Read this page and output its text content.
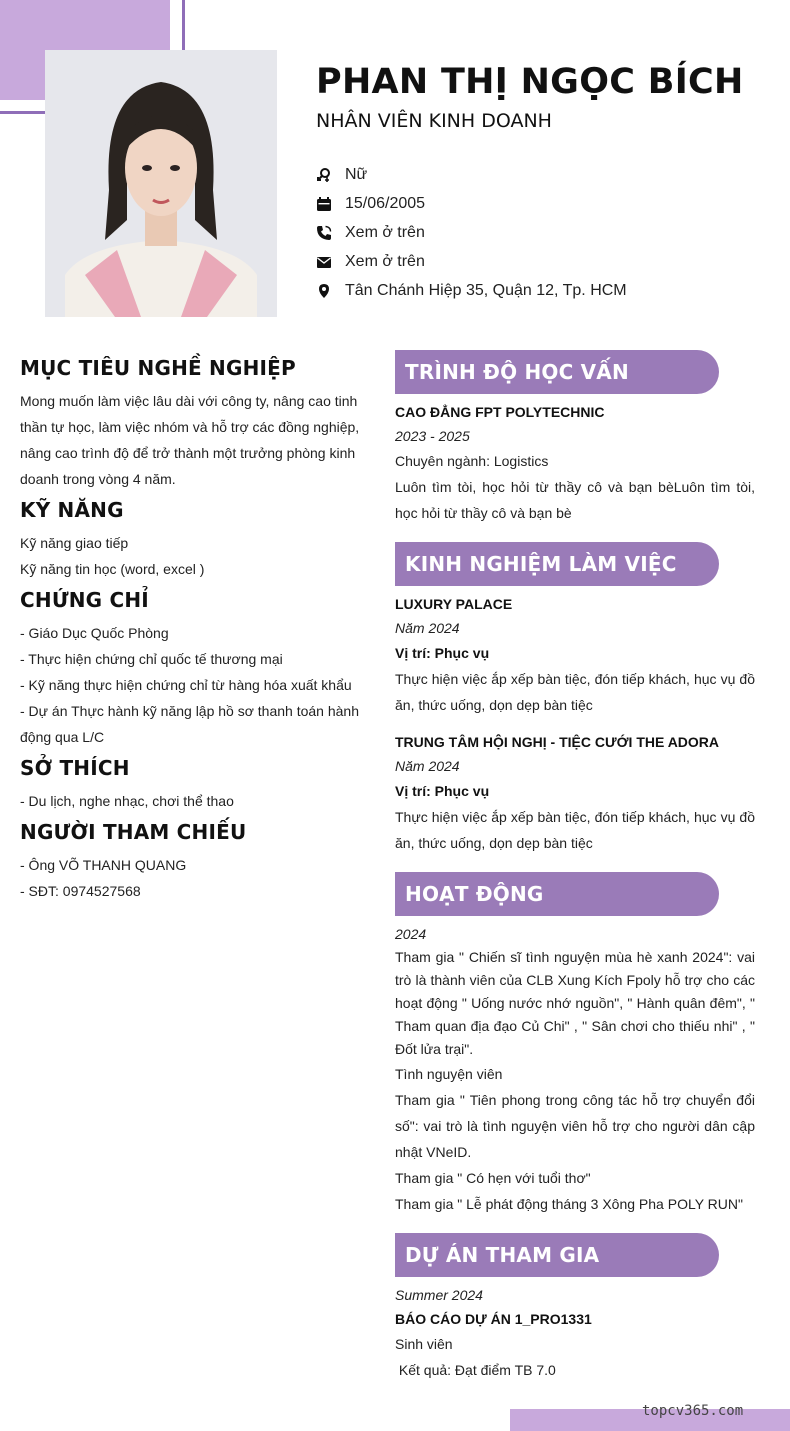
PHAN THỊ NGỌC BÍCH
NHÂN VIÊN KINH DOANH
Nữ
15/06/2005
Xem ở trên
Xem ở trên
Tân Chánh Hiệp 35, Quận 12, Tp. HCM
MỤC TIÊU NGHỀ NGHIỆP
Mong muốn làm việc lâu dài với công ty, nâng cao tinh thần tự học, làm việc nhóm và hỗ trợ các đồng nghiệp, nâng cao trình độ để trở thành một trưởng phòng kinh doanh trong vòng 4 năm.
KỸ NĂNG
Kỹ năng giao tiếp
Kỹ năng tin học (word, excel )
CHỨNG CHỈ
- Giáo Dục Quốc Phòng
- Thực hiện chứng chỉ quốc tế thương mại
- Kỹ năng thực hiện chứng chỉ từ hàng hóa xuất khẩu
- Dự án Thực hành kỹ năng lập hồ sơ thanh toán hành động qua L/C
SỞ THÍCH
- Du lịch, nghe nhạc, chơi thể thao
NGƯỜI THAM CHIẾU
- Ông VÕ THANH QUANG
- SĐT: 0974527568
TRÌNH ĐỘ HỌC VẤN
CAO ĐẲNG FPT POLYTECHNIC
2023 - 2025
Chuyên ngành: Logistics
Luôn tìm tòi, học hỏi từ thầy cô và bạn bèLuôn tìm tòi, học hỏi từ thầy cô và bạn bè
KINH NGHIỆM LÀM VIỆC
LUXURY PALACE
Năm 2024
Vị trí: Phục vụ
Thực hiện việc ắp xếp bàn tiệc, đón tiếp khách, hục vụ đồ ăn, thức uống, dọn dẹp bàn tiệc
TRUNG TÂM HỘI NGHỊ - TIỆC CƯỚI THE ADORA
Năm 2024
Vị trí: Phục vụ
Thực hiện việc ắp xếp bàn tiệc, đón tiếp khách, hục vụ đồ ăn, thức uống, dọn dẹp bàn tiệc
HOẠT ĐỘNG
2024
Tham gia " Chiến sĩ tình nguyện mùa hè xanh 2024": vai trò là thành viên của CLB Xung Kích Fpoly hỗ trợ cho các hoạt động " Uống nước nhớ nguồn", " Hành quân đêm", " Tham quan địa đạo Củ Chi" , " Sân chơi cho thiếu nhi" , " Đốt lửa trại".
Tình nguyện viên
Tham gia " Tiên phong trong công tác hỗ trợ chuyển đổi số": vai trò là tình nguyện viên hỗ trợ cho người dân cập nhật VNeID.
Tham gia " Có hẹn với tuổi thơ"
Tham gia " Lễ phát động tháng 3 Xông Pha POLY RUN"
DỰ ÁN THAM GIA
Summer 2024
BÁO CÁO DỰ ÁN 1_PRO1331
Sinh viên
Kết quả: Đạt điểm TB 7.0
topcv365.com
